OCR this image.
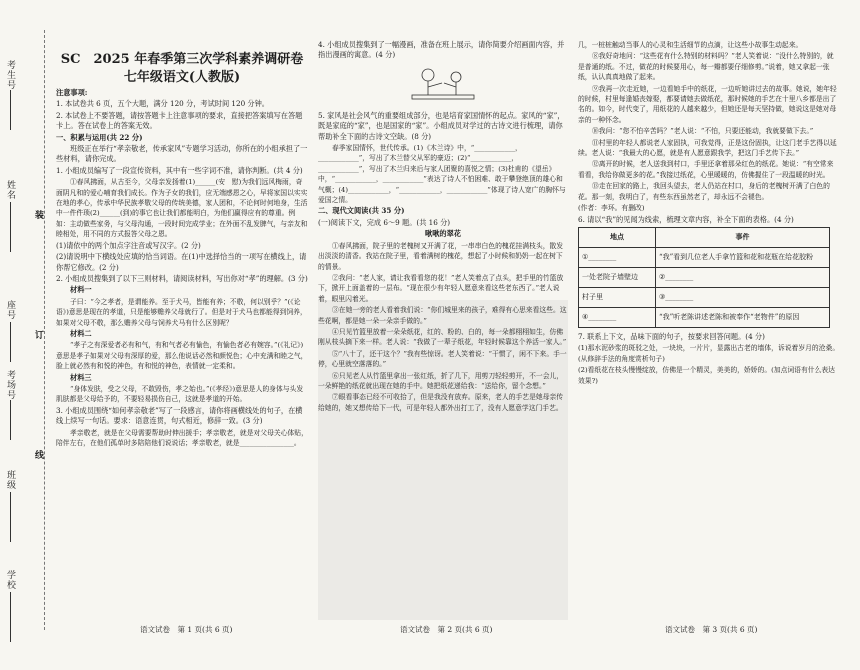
考生号
姓名
座号
考场号
班级
学校
装
订
线
SC　2025 年春季第三次学科素养调研卷
七年级语文(人教版)
注意事项:
1. 本试卷共 6 页，五个大题，满分 120 分，考试时间 120 分钟。
2. 本试卷上不要答题，请按答题卡上注意事项的要求，直接把答案填写在答题卡上。答在试卷上的答案无效。
一、积累与运用(共 22 分)
班级正在举行“孝亲敬老，传承家风”专题学习活动，你所在的小组承担了一些材料，请你完成。
1. 小组成员编写了一段宣传资料，其中有一些字词不准，请你判断。(共 4 分)
①春风拂面，从古至今，父母亲发扬着(1)______(安　慰)为我们远风梅雨，奇面阴凡和的爱心哺育我们成长。作为子女的我们，应无端感恩之心，早将家国以实实在地的孝心，传承中华民族孝敬父母的传统美德，家人团和，不论何时何地身，生活中一件件琐(2)______(到)的事它也让我们都能明白，为他们赢得应有的尊重。例如：主动做些家务，与父母沟通，一段时间完成学业；在外面不乱发脾气，与亲友和睦相处，用不同的方式报答父母之恩。
(1)请依中的两个加点字注音或写汉字。(2 分)
(2)请说明中下横线处应填的恰当词语。在(1)中选择恰当的一项写在横线上，请你帮它修改。(2 分)
2. 小组成员搜集到了以下三则材料，请阅读材料，写出你对“孝”的理解。(3 分)
材料一
子曰：“今之孝者，是谓能养。至于犬马，皆能有养；不敬，何以别乎？”(《论语》)意思是现在的孝道，只是能够赡养父母就行了。但是对于犬马也都能得到饲养，如果对父母不敬，那么赡养父母与饲养犬马有什么区别呢？
材料二
“孝子之有深爱者必有和气，有和气者必有愉色，有愉色者必有婉容。”(《礼记》)意思是孝子如果对父母有深厚的爱，那么他说话必然和颜悦色；心中充满和睦之气，脸上就必然有和悦的神色，有和悦的神色，表情就一定柔和。
材料三
“身体发肤，受之父母，不敢毁伤，孝之始也。”(《孝经》)意思是人的身体与头发肌肤都是父母给予的，不要轻易损伤自己，这就是孝道的开始。
3. 小组成员围绕“如何孝亲敬老”写了一段感言，请你将画横线处的句子，在横线上续写一句话。要求：语意连贯，句式相近，修辞一致。(3 分)
孝亲敬老，就是在父母需要帮助时伸出援手；孝亲敬老，就是对父母关心体贴，陪伴左右，在他们孤单时多陪陪他们说说话；孝亲敬老，就是________________。
4. 小组成员搜集到了一幅漫画，准备在班上展示，请你简要介绍画面内容，并指出漫画的寓意。(4 分)
5. 家风是社会风气的重要组成部分，也是培育家国情怀的起点。家风的“家”，既是家庭的“家”，也是国家的“家”。小组成员对学过的古诗文进行梳理，请你帮助补全下面的古诗文空缺。(8 分)
春季家国情怀，世代传承。(1)《木兰诗》中，“____________，____________”，写出了木兰替父从军的豪迈；(2)“____________，____________”，写出了木兰归来后与家人团聚的喜悦之情；(3)杜甫的《望岳》中，“____________，____________”表达了诗人不怕困难、敢于攀登绝顶的雄心和气概；(4)____________，“____________，____________”体现了诗人宽广的胸怀与爱国之情。
二、现代文阅读(共 35 分)
(一)阅读下文，完成 6～9 题。(共 16 分)
啾啾的翠花
①春风拂面，院子里的老槐树又开满了花，一串串白色的槐花挂满枝头，散发出淡淡的清香。我站在院子里，看着满树的槐花，想起了小时候和奶奶一起在树下的情景。
②我问：“老人家，请让我看看您的花！”老人笑着点了点头，把手里的竹篮放下，掀开上面盖着的一层布。“现在很少有年轻人愿意来看这些老东西了。”老人说着，眼里闪着光。
③在她一旁的老人看着我们说：“你们城里来的孩子，难得有心思来看这些。这些花啊，都是她一朵一朵亲手做的。”
④只见竹篮里放着一朵朵纸花，红的、粉的、白的，每一朵都栩栩如生，仿佛刚从枝头摘下来一样。老人说：“我做了一辈子纸花，年轻时候靠这个养活一家人。”
⑤“八十了，还干这个？”我有些惊讶。老人笑着说：“干惯了，闲不下来。手一停，心里就空落落的。”
⑥只见老人从竹篮里拿出一张红纸，折了几下，用剪刀轻轻剪开，不一会儿，一朵鲜艳的纸花就出现在她的手中。她把纸花递给我：“送给你，留个念想。”
⑦眼看事态已经不可收拾了，但是我没有放弃。原来，老人的手艺是她母亲传给她的，她又想传给下一代，可是年轻人都外出打工了，没有人愿意学这门手艺。
几，一桩桩触动当事人的心灵和生活细节的点滴，让这些小故事生动起来。
⑧我好奇地问：“这些花有什么特别的材料吗？”老人笑着说：“没什么特别的，就是普通的纸。不过，做花的时候要用心，每一瓣都要仔细修剪。”说着，她又拿起一张纸，认认真真地做了起来。
⑨我再一次走近她，一边看她手中的纸花，一边听她讲过去的故事。她说，她年轻的时候，村里每逢婚丧嫁娶，都要请她去做纸花，那时候她的手艺在十里八乡都是出了名的。如今，时代变了，用纸花的人越来越少，但她还是每天坚持做，她说这是她对母亲的一种怀念。
⑩我问：“您不怕辛苦吗？”老人说：“不怕，只要还能动，我就要做下去。”
⑪村里的年轻人都说老人家固执，可我觉得，正是这份固执，让这门老手艺得以延续。老人说：“我最大的心愿，就是有人愿意跟我学，把这门手艺传下去。”
⑫离开的时候，老人送我到村口，手里还拿着那朵红色的纸花。她说：“有空常来看看，我给你做更多的花。”我接过纸花，心里暖暖的，仿佛握住了一段温暖的时光。
⑬走在回家的路上，我回头望去，老人仍站在村口，身后的老槐树开满了白色的花。那一刻，我明白了，有些东西虽然老了，却永远不会褪色。
(作者：李环。有删改)
6. 请以“我”的见闻为线索，梳理文章内容，补全下面的表格。(4 分)
地点	事件
①________	“我”看到几位老人手拿竹篮和花和花瓶在给花胶粉
一处老院子墙壁边	②________
村子里	③________
④________	“我”听老陈讲述老陈和被奉作“老物件”的原因
7. 联系上下文，品味下面的句子，按要求回答问题。(4 分)
(1)那水泥砂浆的斑驳之处，一块块，一片片，显露出古老的墙体，诉说着岁月的沧桑。(从修辞手法的角度赏析句子)
(2)看纸花在枝头慢慢绽放，仿佛是一个精灵，美美的，娇娇的。(加点词语有什么表达效果?)
语文试卷　第 1 页(共 6 页)	语文试卷　第 2 页(共 6 页)	语文试卷　第 3 页(共 6 页)
